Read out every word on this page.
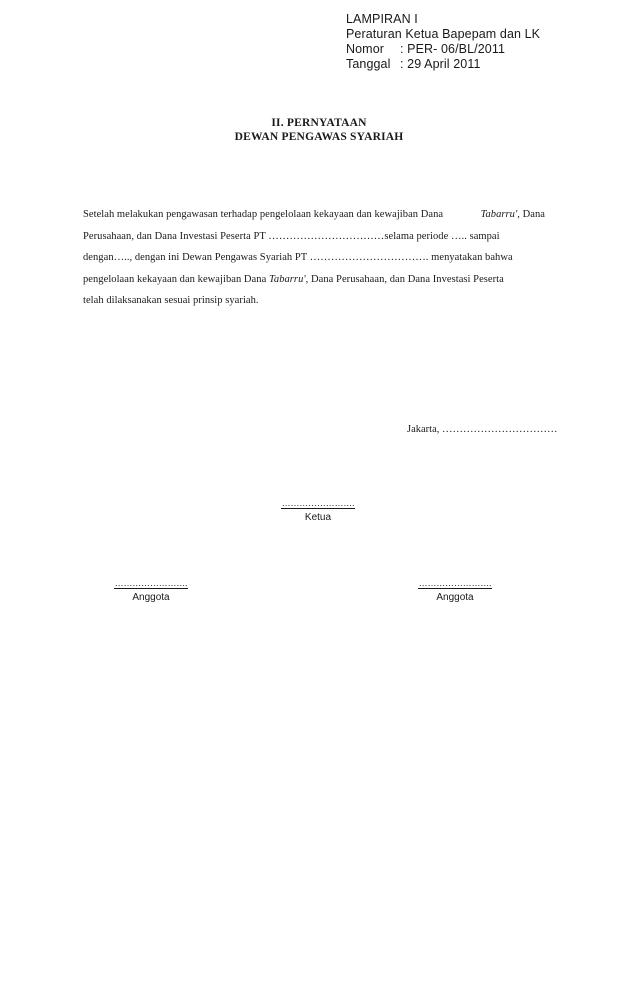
LAMPIRAN I
Peraturan Ketua Bapepam dan LK
Nomor : PER- 06/BL/2011
Tanggal : 29 April 2011
II. PERNYATAAN
DEWAN PENGAWAS SYARIAH
Setelah melakukan pengawasan terhadap pengelolaan kekayaan dan kewajiban Dana	Tabarru', Dana
Perusahaan, dan Dana Investasi Peserta PT ……………………………selama periode ….. sampai
dengan….., dengan ini Dewan Pengawas Syariah PT ……………………………. menyatakan bahwa
pengelolaan kekayaan dan kewajiban Dana Tabarru', Dana Perusahaan, dan Dana Investasi Peserta
telah dilaksanakan sesuai prinsip syariah.
Jakarta, ……………………………
…………………….
Ketua
…………………….
Anggota
…………………….
Anggota
